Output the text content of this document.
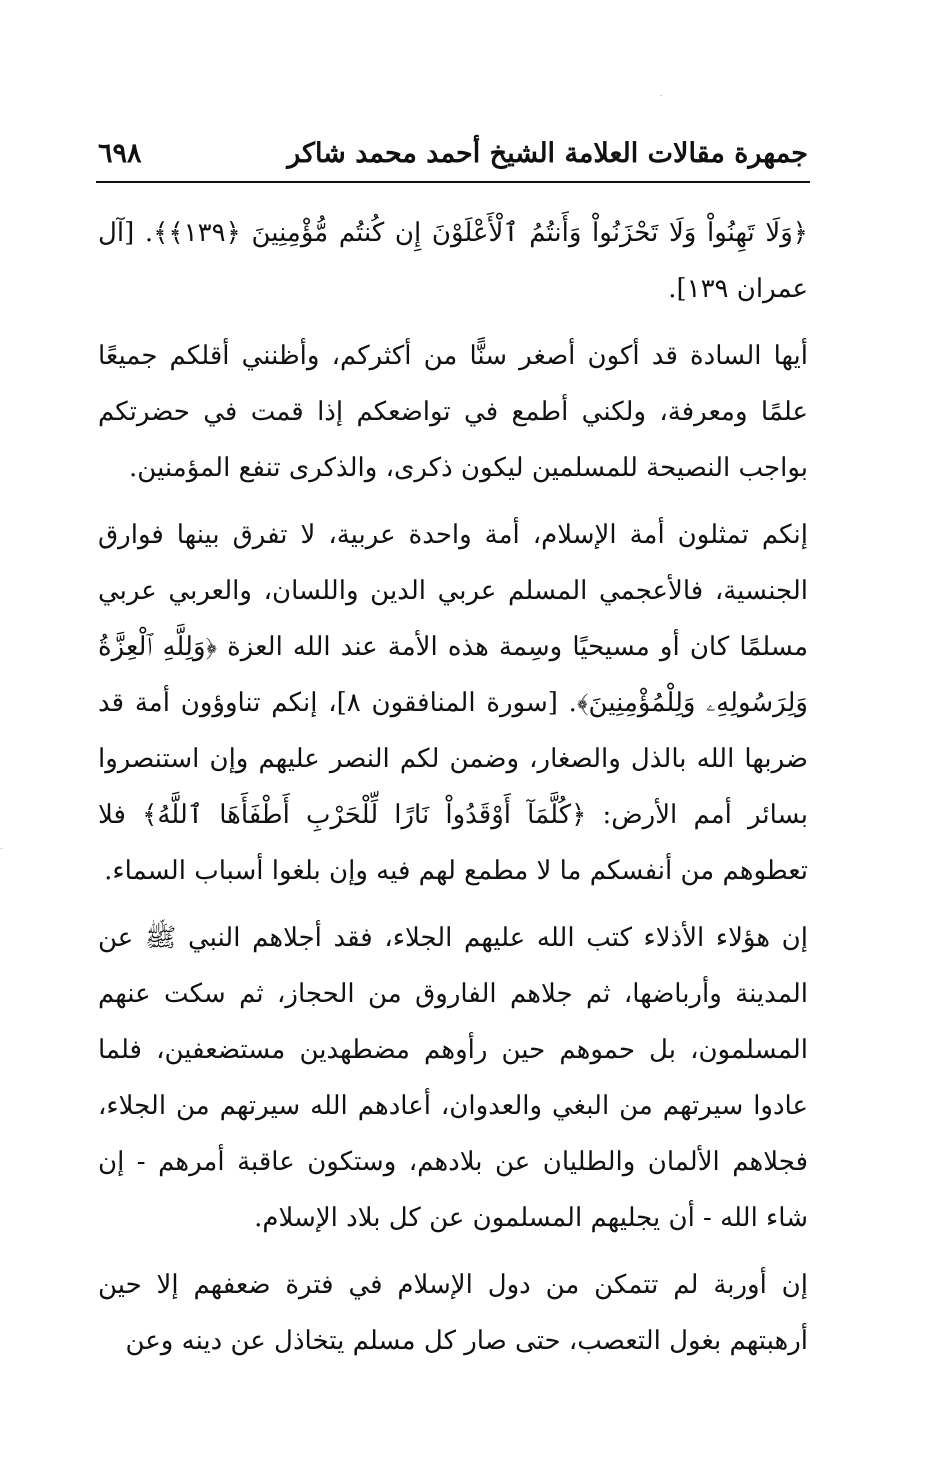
جمهرة مقالات العلامة الشيخ أحمد محمد شاكر
٦٩٨

﴿وَلَا تَهِنُواْ وَلَا تَحْزَنُواْ وَأَنتُمُ ٱلْأَعْلَوْنَ إِن كُنتُم مُّؤْمِنِينَ ﴿١٣٩﴾﴾. [آل عمران ١٣٩].

أيها السادة قد أكون أصغر سنًّا من أكثركم، وأظنني أقلكم جميعًا علمًا ومعرفة، ولكني أطمع في تواضعكم إذا قمت في حضرتكم بواجب النصيحة للمسلمين ليكون ذكرى، والذكرى تنفع المؤمنين.

إنكم تمثلون أمة الإسلام، أمة واحدة عربية، لا تفرق بينها فوارق الجنسية، فالأعجمي المسلم عربي الدين واللسان، والعربي عربي مسلمًا كان أو مسيحيًا وسِمة هذه الأمة عند الله العزة ﴿وَلِلَّهِ ٱلْعِزَّةُ وَلِرَسُولِهِۦ وَلِلْمُؤْمِنِينَ﴾. [سورة المنافقون ٨]، إنكم تناوؤون أمة قد ضربها الله بالذل والصغار، وضمن لكم النصر عليهم وإن استنصروا بسائر أمم الأرض: ﴿كُلَّمَآ أَوْقَدُواْ نَارًا لِّلْحَرْبِ أَطْفَأَهَا ٱللَّهُ﴾ فلا تعطوهم من أنفسكم ما لا مطمع لهم فيه وإن بلغوا أسباب السماء.

إن هؤلاء الأذلاء كتب الله عليهم الجلاء، فقد أجلاهم النبي ﷺ عن المدينة وأرباضها، ثم جلاهم الفاروق من الحجاز، ثم سكت عنهم المسلمون، بل حموهم حين رأوهم مضطهدين مستضعفين، فلما عادوا سيرتهم من البغي والعدوان، أعادهم الله سيرتهم من الجلاء، فجلاهم الألمان والطليان عن بلادهم، وستكون عاقبة أمرهم - إن شاء الله - أن يجليهم المسلمون عن كل بلاد الإسلام.

إن أوربة لم تتمكن من دول الإسلام في فترة ضعفهم إلا حين أرهبتهم بغول التعصب، حتى صار كل مسلم يتخاذل عن دينه وعن
